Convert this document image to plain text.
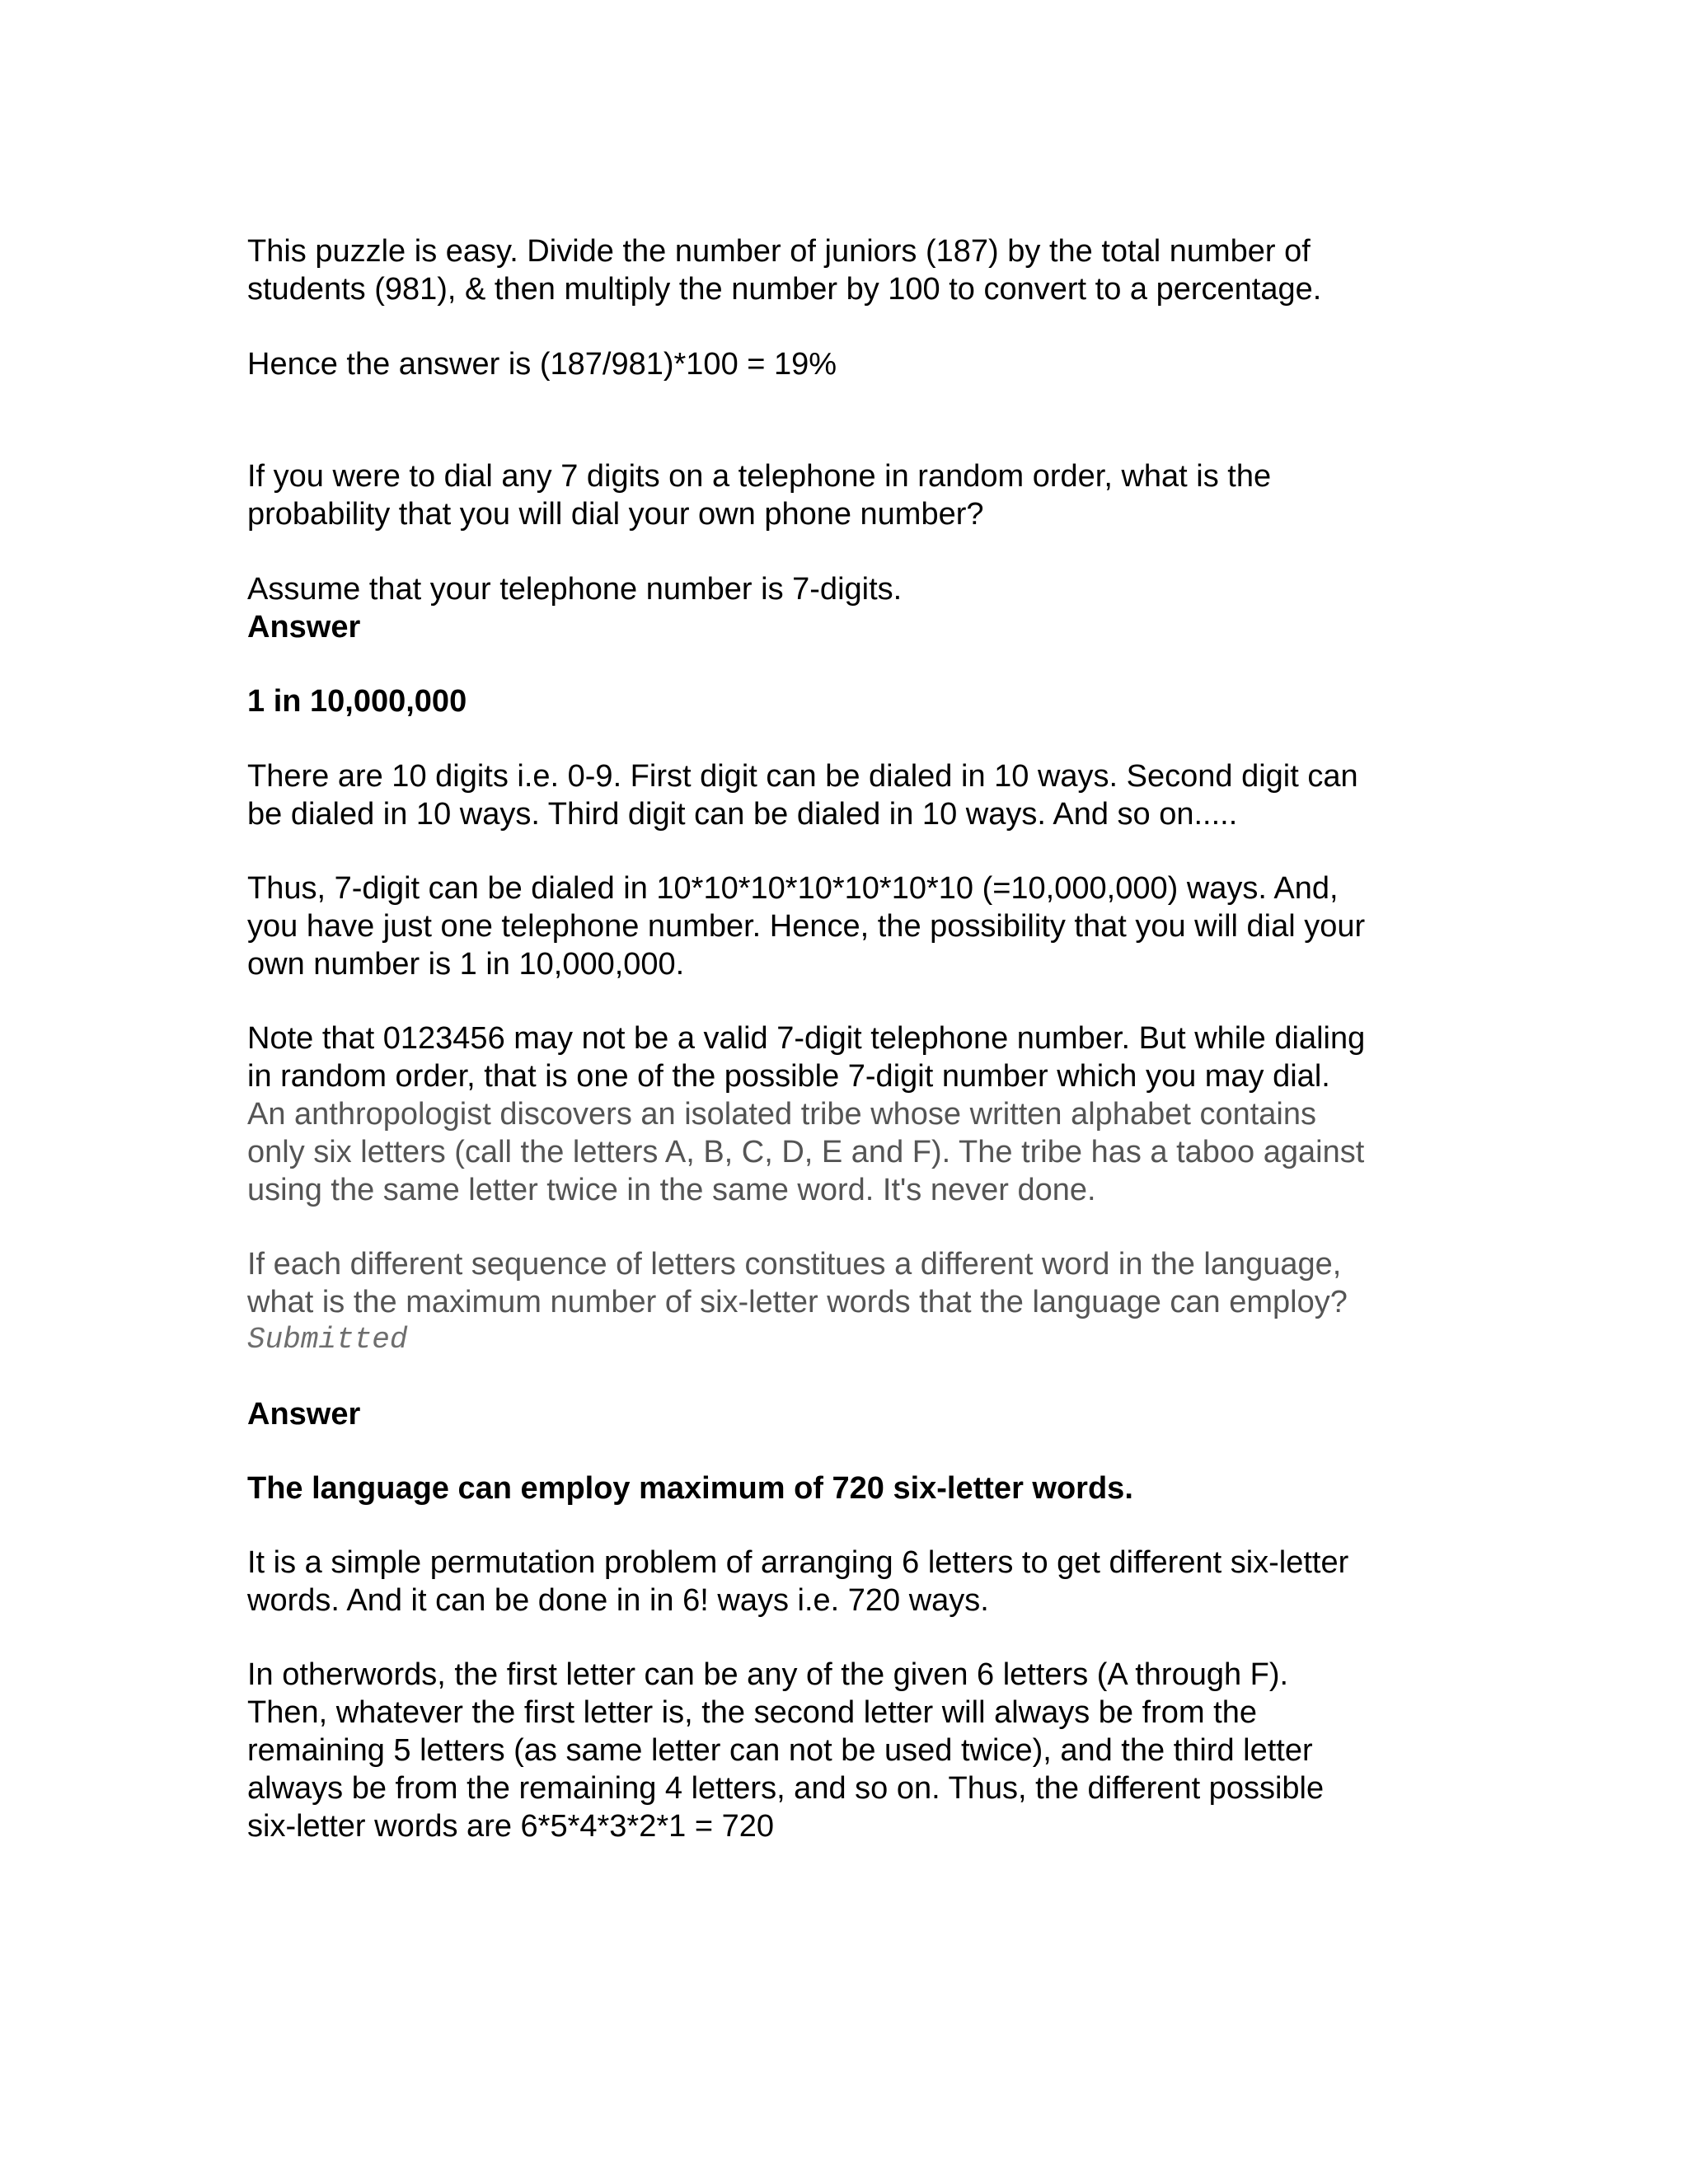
This puzzle is easy. Divide the number of juniors (187) by the total number of

students (981), & then multiply the number by 100 to convert to a percentage.

Hence the answer is (187/981)*100 = 19%

If you were to dial any 7 digits on a telephone in random order, what is the

probability that you will dial your own phone number?

Assume that your telephone number is 7-digits.

Answer

1 in 10,000,000

There are 10 digits i.e. 0-9. First digit can be dialed in 10 ways. Second digit can

be dialed in 10 ways. Third digit can be dialed in 10 ways. And so on.....

Thus, 7-digit can be dialed in 10*10*10*10*10*10*10 (=10,000,000) ways. And,

you have just one telephone number. Hence, the possibility that you will dial your

own number is 1 in 10,000,000.

Note that 0123456 may not be a valid 7-digit telephone number. But while dialing

in random order, that is one of the possible 7-digit number which you may dial.

An anthropologist discovers an isolated tribe whose written alphabet contains

only six letters (call the letters A, B, C, D, E and F). The tribe has a taboo against

using the same letter twice in the same word. It's never done.

If each different sequence of letters constitues a different word in the language,

what is the maximum number of six-letter words that the language can employ?

Submitted

Answer

The language can employ maximum of 720 six-letter words.

It is a simple permutation problem of arranging 6 letters to get different six-letter

words. And it can be done in in 6! ways i.e. 720 ways.

In otherwords, the first letter can be any of the given 6 letters (A through F).

Then, whatever the first letter is, the second letter will always be from the

remaining 5 letters (as same letter can not be used twice), and the third letter

always be from the remaining 4 letters, and so on. Thus, the different possible

six-letter words are 6*5*4*3*2*1 = 720
